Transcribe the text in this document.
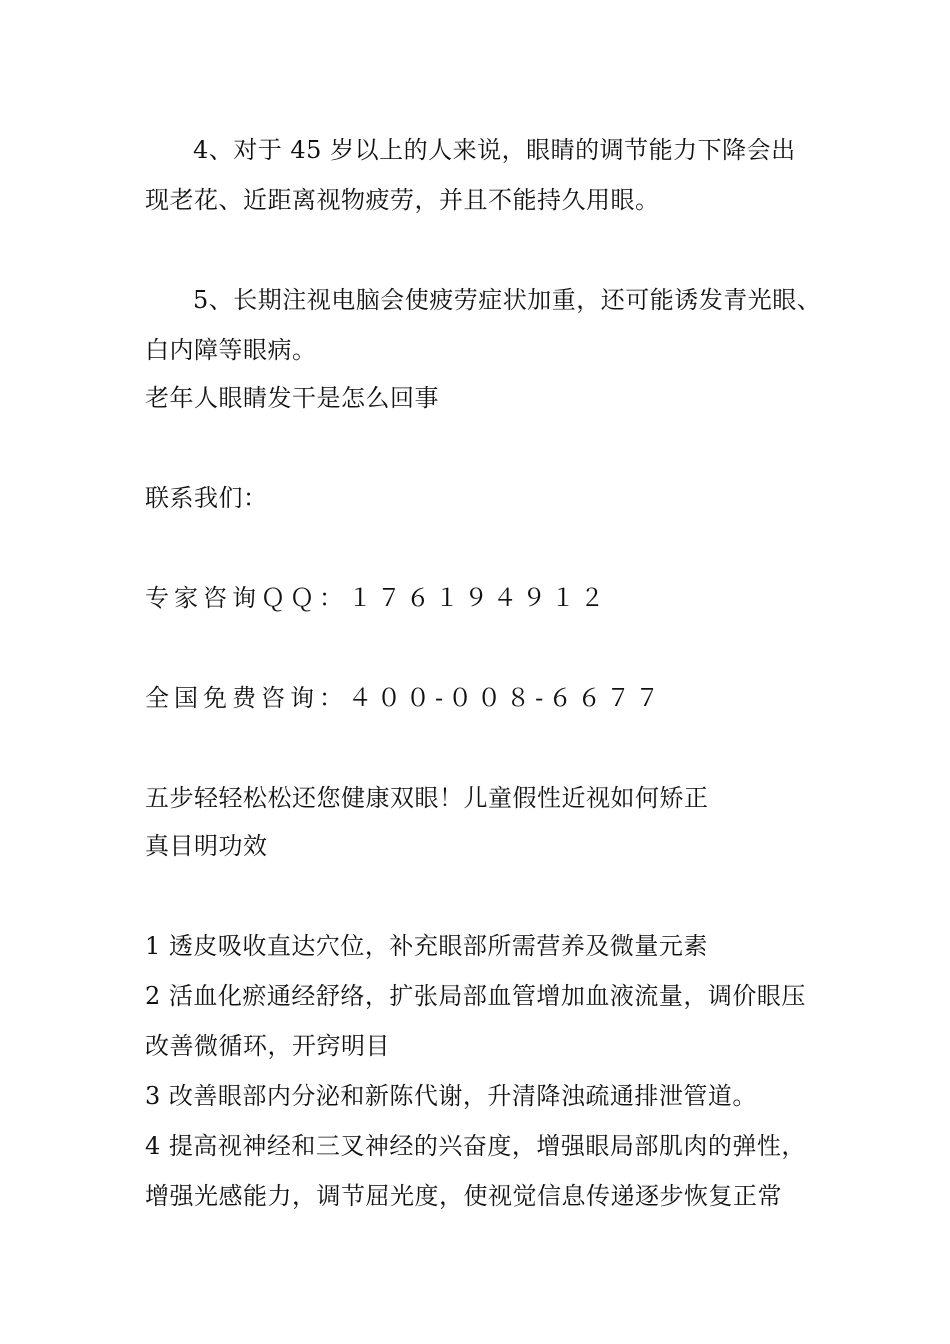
4、对于 45 岁以上的人来说，眼睛的调节能力下降会出
现老花、近距离视物疲劳，并且不能持久用眼。
5、长期注视电脑会使疲劳症状加重，还可能诱发青光眼、
白内障等眼病。
老年人眼睛发干是怎么回事
联系我们：
专家咨询ＱＱ：１７６１９４９１２
全国免费咨询：４００-００８-６６７７
五步轻轻松松还您健康双眼！儿童假性近视如何矫正
真目明功效
1 透皮吸收直达穴位，补充眼部所需营养及微量元素
2 活血化瘀通经舒络，扩张局部血管增加血液流量，调价眼压
改善微循环，开窍明目
3 改善眼部内分泌和新陈代谢，升清降浊疏通排泄管道。
4 提高视神经和三叉神经的兴奋度，增强眼局部肌肉的弹性，
增强光感能力，调节屈光度，使视觉信息传递逐步恢复正常
